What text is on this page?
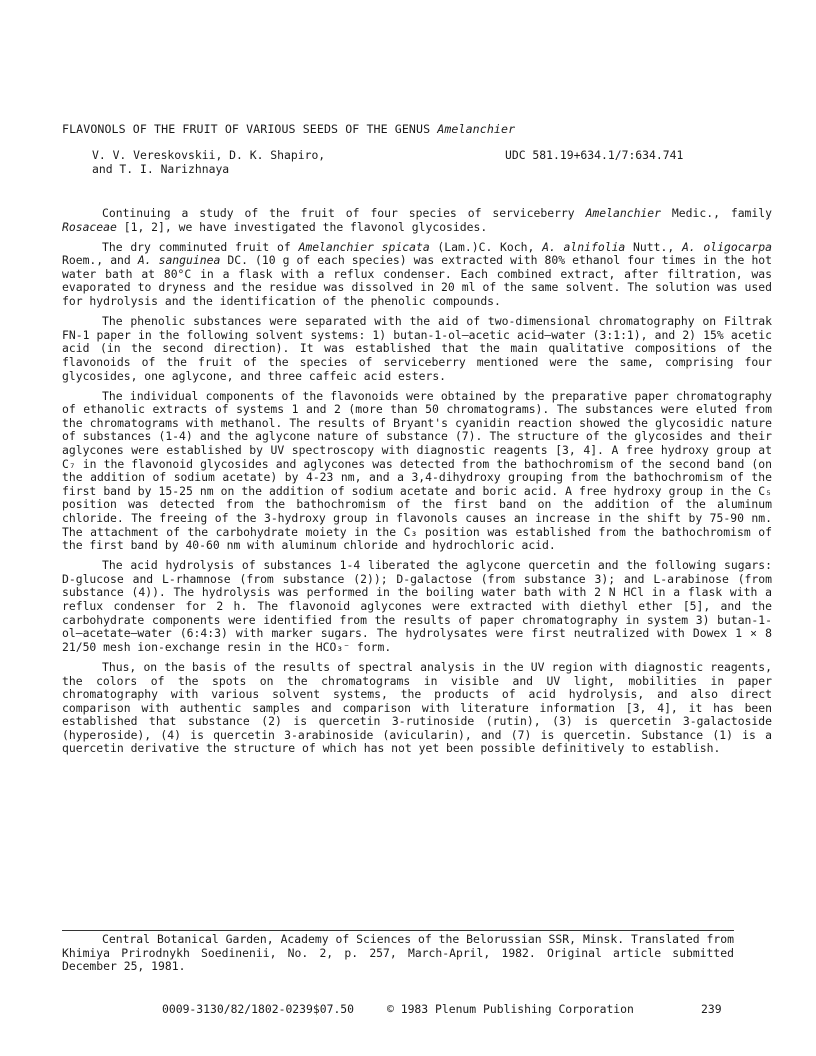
FLAVONOLS OF THE FRUIT OF VARIOUS SEEDS OF THE GENUS Amelanchier
V. V. Vereskovskii, D. K. Shapiro,
and T. I. Narizhnaya
UDC 581.19+634.1/7:634.741

Continuing a study of the fruit of four species of serviceberry Amelanchier Medic., family Rosaceae [1, 2], we have investigated the flavonol glycosides.

The dry comminuted fruit of Amelanchier spicata (Lam.)C. Koch, A. alnifolia Nutt., A. oligocarpa Roem., and A. sanguinea DC. (10 g of each species) was extracted with 80% ethanol four times in the hot water bath at 80°C in a flask with a reflux condenser. Each combined extract, after filtration, was evaporated to dryness and the residue was dissolved in 20 ml of the same solvent. The solution was used for hydrolysis and the identification of the phenolic compounds.

The phenolic substances were separated with the aid of two-dimensional chromatography on Filtrak FN-1 paper in the following solvent systems: 1) butan-1-ol–acetic acid–water (3:1:1), and 2) 15% acetic acid (in the second direction). It was established that the main qualitative compositions of the flavonoids of the fruit of the species of serviceberry mentioned were the same, comprising four glycosides, one aglycone, and three caffeic acid esters.

The individual components of the flavonoids were obtained by the preparative paper chromatography of ethanolic extracts of systems 1 and 2 (more than 50 chromatograms). The substances were eluted from the chromatograms with methanol. The results of Bryant's cyanidin reaction showed the glycosidic nature of substances (1-4) and the aglycone nature of substance (7). The structure of the glycosides and their aglycones were established by UV spectroscopy with diagnostic reagents [3, 4]. A free hydroxy group at C₇ in the flavonoid glycosides and aglycones was detected from the bathochromism of the second band (on the addition of sodium acetate) by 4-23 nm, and a 3,4-dihydroxy grouping from the bathochromism of the first band by 15-25 nm on the addition of sodium acetate and boric acid. A free hydroxy group in the C₅ position was detected from the bathochromism of the first band on the addition of the aluminum chloride. The freeing of the 3-hydroxy group in flavonols causes an increase in the shift by 75-90 nm. The attachment of the carbohydrate moiety in the C₃ position was established from the bathochromism of the first band by 40-60 nm with aluminum chloride and hydrochloric acid.

The acid hydrolysis of substances 1-4 liberated the aglycone quercetin and the following sugars: D-glucose and L-rhamnose (from substance (2)); D-galactose (from substance 3); and L-arabinose (from substance (4)). The hydrolysis was performed in the boiling water bath with 2 N HCl in a flask with a reflux condenser for 2 h. The flavonoid aglycones were extracted with diethyl ether [5], and the carbohydrate components were identified from the results of paper chromatography in system 3) butan-1-ol–acetate–water (6:4:3) with marker sugars. The hydrolysates were first neutralized with Dowex 1 × 8 21/50 mesh ion-exchange resin in the HCO₃⁻ form.

Thus, on the basis of the results of spectral analysis in the UV region with diagnostic reagents, the colors of the spots on the chromatograms in visible and UV light, mobilities in paper chromatography with various solvent systems, the products of acid hydrolysis, and also direct comparison with authentic samples and comparison with literature information [3, 4], it has been established that substance (2) is quercetin 3-rutinoside (rutin), (3) is quercetin 3-galactoside (hyperoside), (4) is quercetin 3-arabinoside (avicularin), and (7) is quercetin. Substance (1) is a quercetin derivative the structure of which has not yet been possible definitively to establish.

Central Botanical Garden, Academy of Sciences of the Belorussian SSR, Minsk. Translated from Khimiya Prirodnykh Soedinenii, No. 2, p. 257, March-April, 1982. Original article submitted December 25, 1981.
0009-3130/82/1802-0239$07.50	© 1983 Plenum Publishing Corporation	239
